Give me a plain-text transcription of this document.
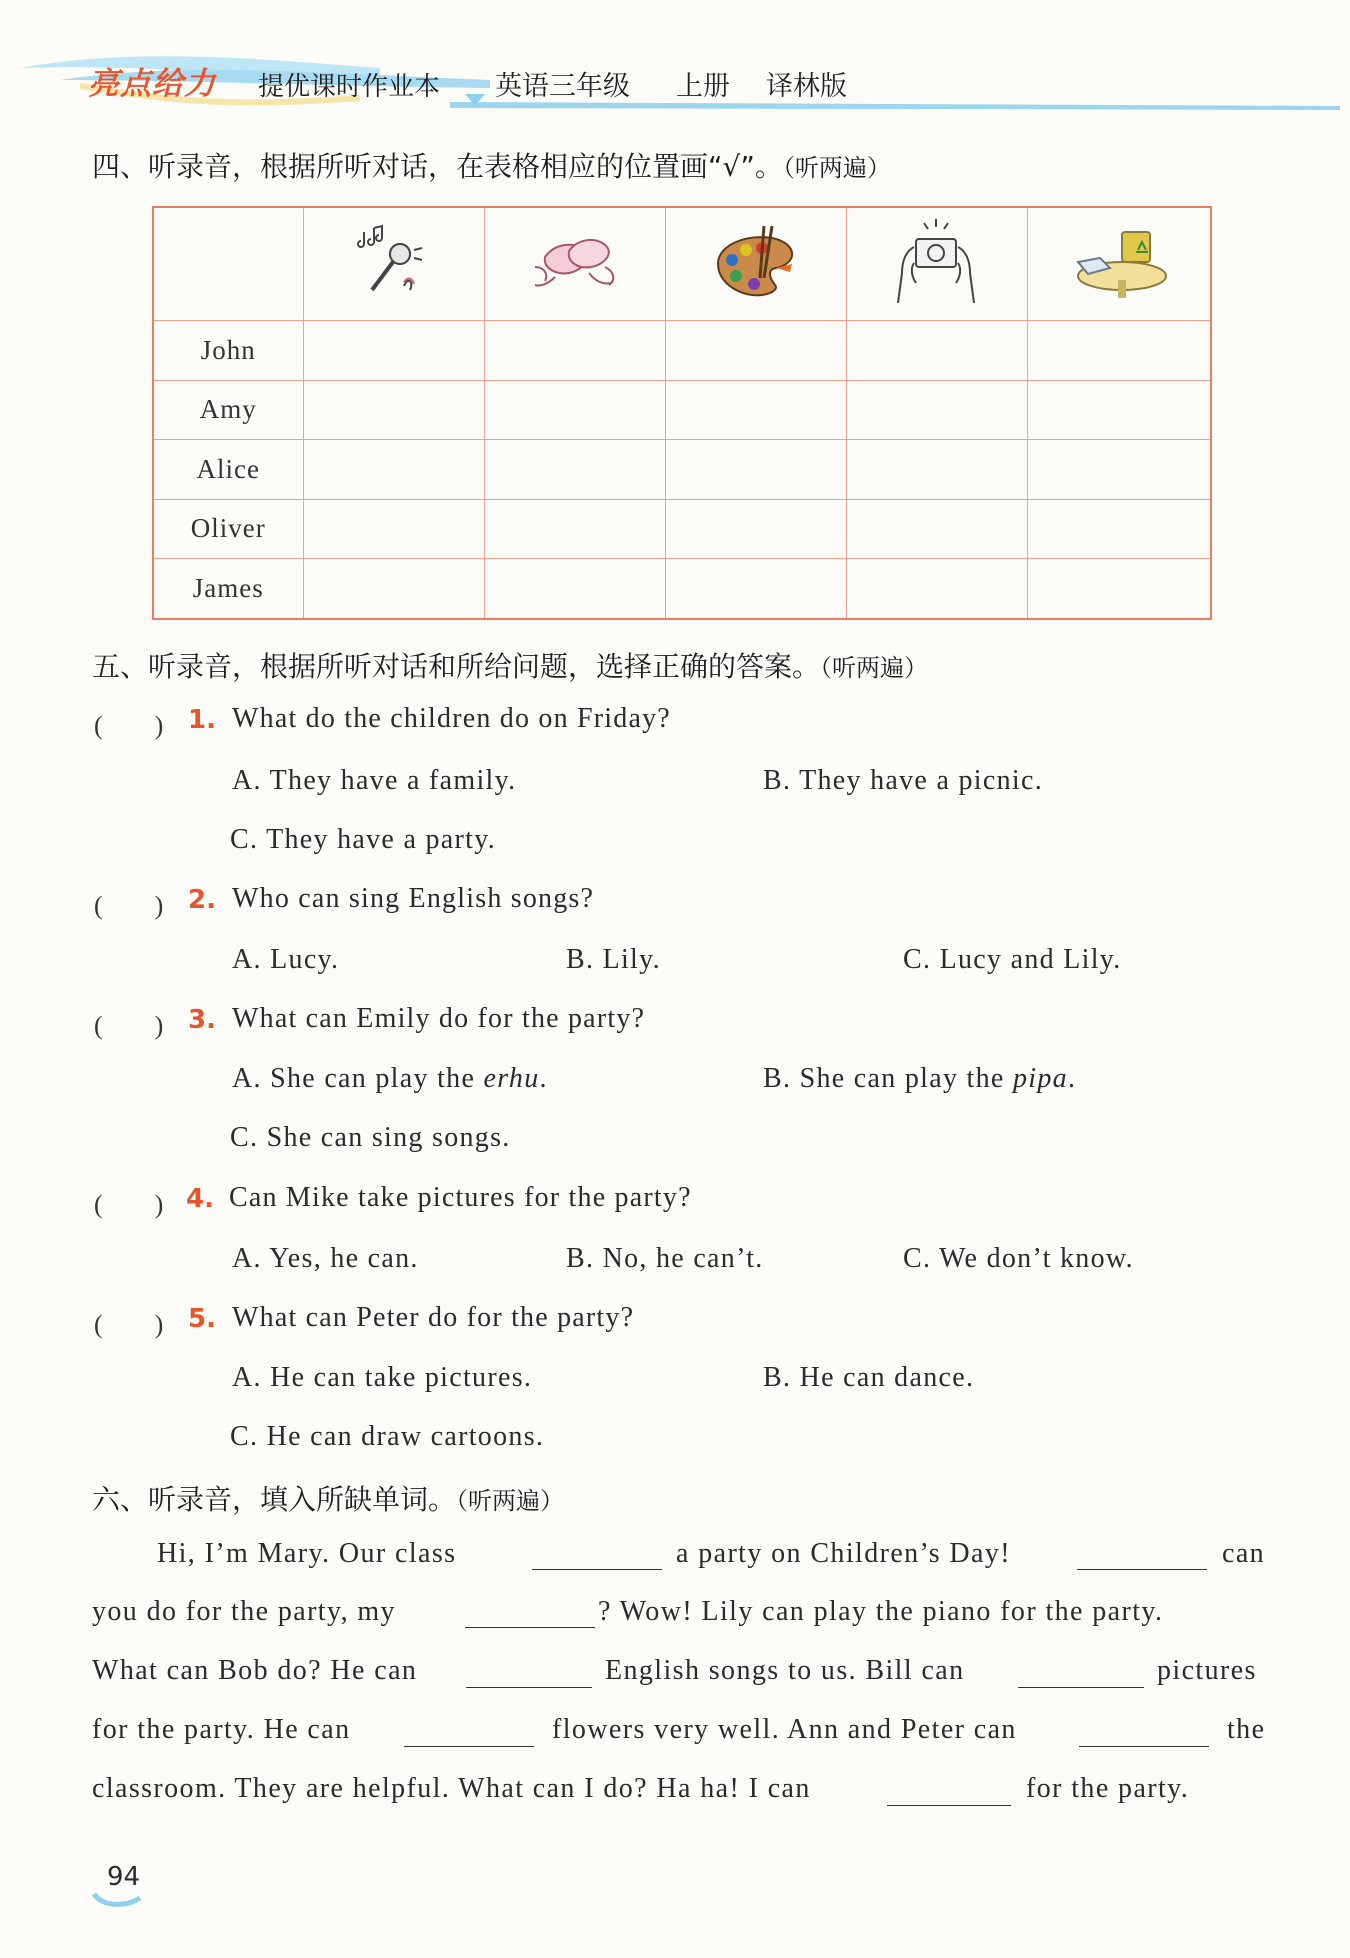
亮点给力 提优课时作业本 英语三年级 上册 译林版
四、听录音，根据所听对话，在表格相应的位置画“√”。（听两遍）

John					
Amy					
Alice					
Oliver					
James					
五、听录音，根据所听对话和所给问题，选择正确的答案。（听两遍）
(　　) 1. What do the children do on Friday?
A. They have a family.	B. They have a picnic.
C. They have a party.
(　　) 2. Who can sing English songs?
A. Lucy.	B. Lily.	C. Lucy and Lily.
(　　) 3. What can Emily do for the party?
A. She can play the erhu.	B. She can play the pipa.
C. She can sing songs.
(　　) 4. Can Mike take pictures for the party?
A. Yes, he can.	B. No, he can’t.	C. We don’t know.
(　　) 5. What can Peter do for the party?
A. He can take pictures.	B. He can dance.
C. He can draw cartoons.
六、听录音，填入所缺单词。（听两遍）
Hi, I’m Mary. Our class	a party on Children’s Day!	can
you do for the party, my	? Wow! Lily can play the piano for the party.
What can Bob do? He can	English songs to us. Bill can	pictures
for the party. He can	flowers very well. Ann and Peter can	the
classroom. They are helpful. What can I do? Ha ha! I can	for the party.
94
